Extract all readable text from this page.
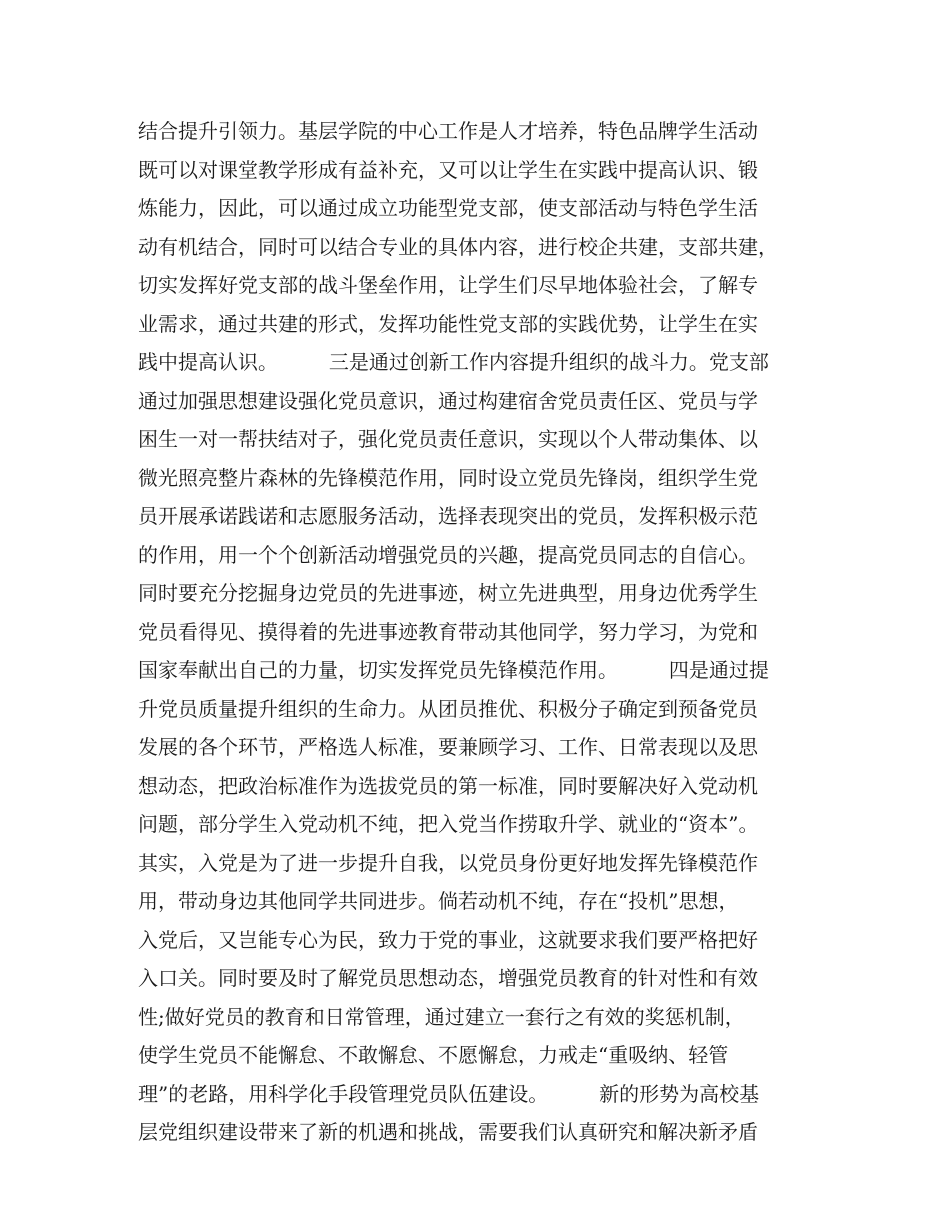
结合提升引领力。基层学院的中心工作是人才培养，特色品牌学生活动
既可以对课堂教学形成有益补充，又可以让学生在实践中提高认识、锻
炼能力，因此，可以通过成立功能型党支部，使支部活动与特色学生活
动有机结合，同时可以结合专业的具体内容，进行校企共建，支部共建，
切实发挥好党支部的战斗堡垒作用，让学生们尽早地体验社会，了解专
业需求，通过共建的形式，发挥功能性党支部的实践优势，让学生在实
践中提高认识。        三是通过创新工作内容提升组织的战斗力。党支部
通过加强思想建设强化党员意识，通过构建宿舍党员责任区、党员与学
困生一对一帮扶结对子，强化党员责任意识，实现以个人带动集体、以
微光照亮整片森林的先锋模范作用，同时设立党员先锋岗，组织学生党
员开展承诺践诺和志愿服务活动，选择表现突出的党员，发挥积极示范
的作用，用一个个创新活动增强党员的兴趣，提高党员同志的自信心。
同时要充分挖掘身边党员的先进事迹，树立先进典型，用身边优秀学生
党员看得见、摸得着的先进事迹教育带动其他同学，努力学习，为党和
国家奉献出自己的力量，切实发挥党员先锋模范作用。        四是通过提
升党员质量提升组织的生命力。从团员推优、积极分子确定到预备党员
发展的各个环节，严格选人标准，要兼顾学习、工作、日常表现以及思
想动态，把政治标准作为选拔党员的第一标准，同时要解决好入党动机
问题，部分学生入党动机不纯，把入党当作捞取升学、就业的“资本”。
其实，入党是为了进一步提升自我，以党员身份更好地发挥先锋模范作
用，带动身边其他同学共同进步。倘若动机不纯，存在“投机”思想，
入党后，又岂能专心为民，致力于党的事业，这就要求我们要严格把好
入口关。同时要及时了解党员思想动态，增强党员教育的针对性和有效
性;做好党员的教育和日常管理，通过建立一套行之有效的奖惩机制，
使学生党员不能懈怠、不敢懈怠、不愿懈怠，力戒走“重吸纳、轻管
理”的老路，用科学化手段管理党员队伍建设。        新的形势为高校基
层党组织建设带来了新的机遇和挑战，需要我们认真研究和解决新矛盾
